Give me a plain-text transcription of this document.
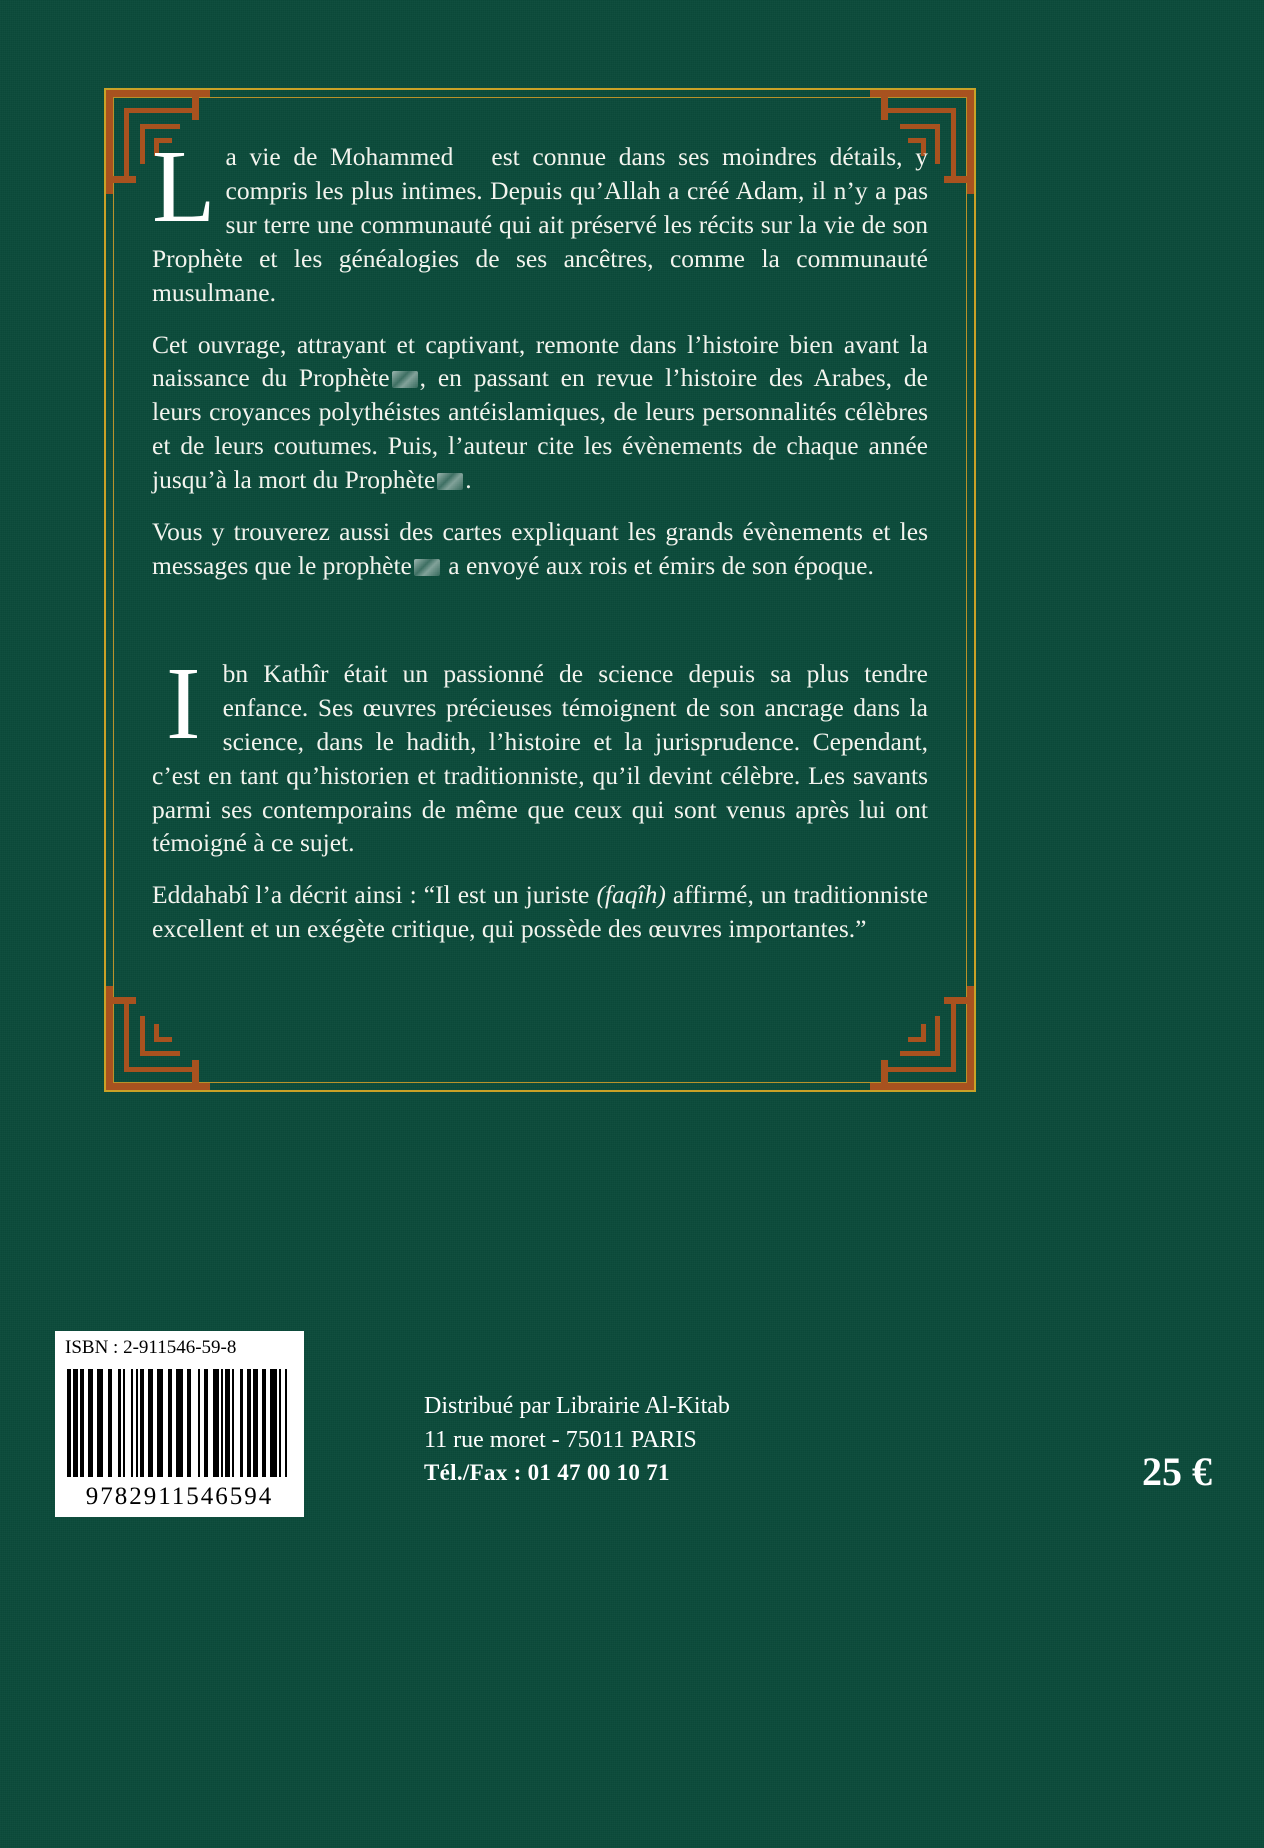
La vie de Mohammed   est connue dans ses moindres détails, y compris les plus intimes. Depuis qu’Allah a créé Adam, il n’y a pas sur terre une communauté qui ait préservé les récits sur la vie de son Prophète et les généalogies de ses ancêtres, comme la communauté musulmane.

Cet ouvrage, attrayant et captivant, remonte dans l’histoire bien avant la naissance du Prophète , en passant en revue l’histoire des Arabes, de leurs croyances polythéistes antéislamiques, de leurs personnalités célèbres et de leurs coutumes. Puis, l’auteur cite les évènements de chaque année jusqu’à la mort du Prophète .

Vous y trouverez aussi des cartes expliquant les grands évènements et les messages que le prophète a envoyé aux rois et émirs de son époque.

Ibn Kathîr était un passionné de science depuis sa plus tendre enfance. Ses œuvres précieuses témoignent de son ancrage dans la science, dans le hadith, l’histoire et la jurisprudence. Cependant, c’est en tant qu’historien et traditionniste, qu’il devint célèbre. Les savants parmi ses contemporains de même que ceux qui sont venus après lui ont témoigné à ce sujet.

Eddahabî l’a décrit ainsi : “Il est un juriste (faqîh) affirmé, un traditionniste excellent et un exégète critique, qui possède des œuvres importantes.”

ISBN : 2-911546-59-8
9782911546594
Distribué par Librairie Al-Kitab
11 rue moret - 75011 PARIS
Tél./Fax : 01 47 00 10 71	25 €
